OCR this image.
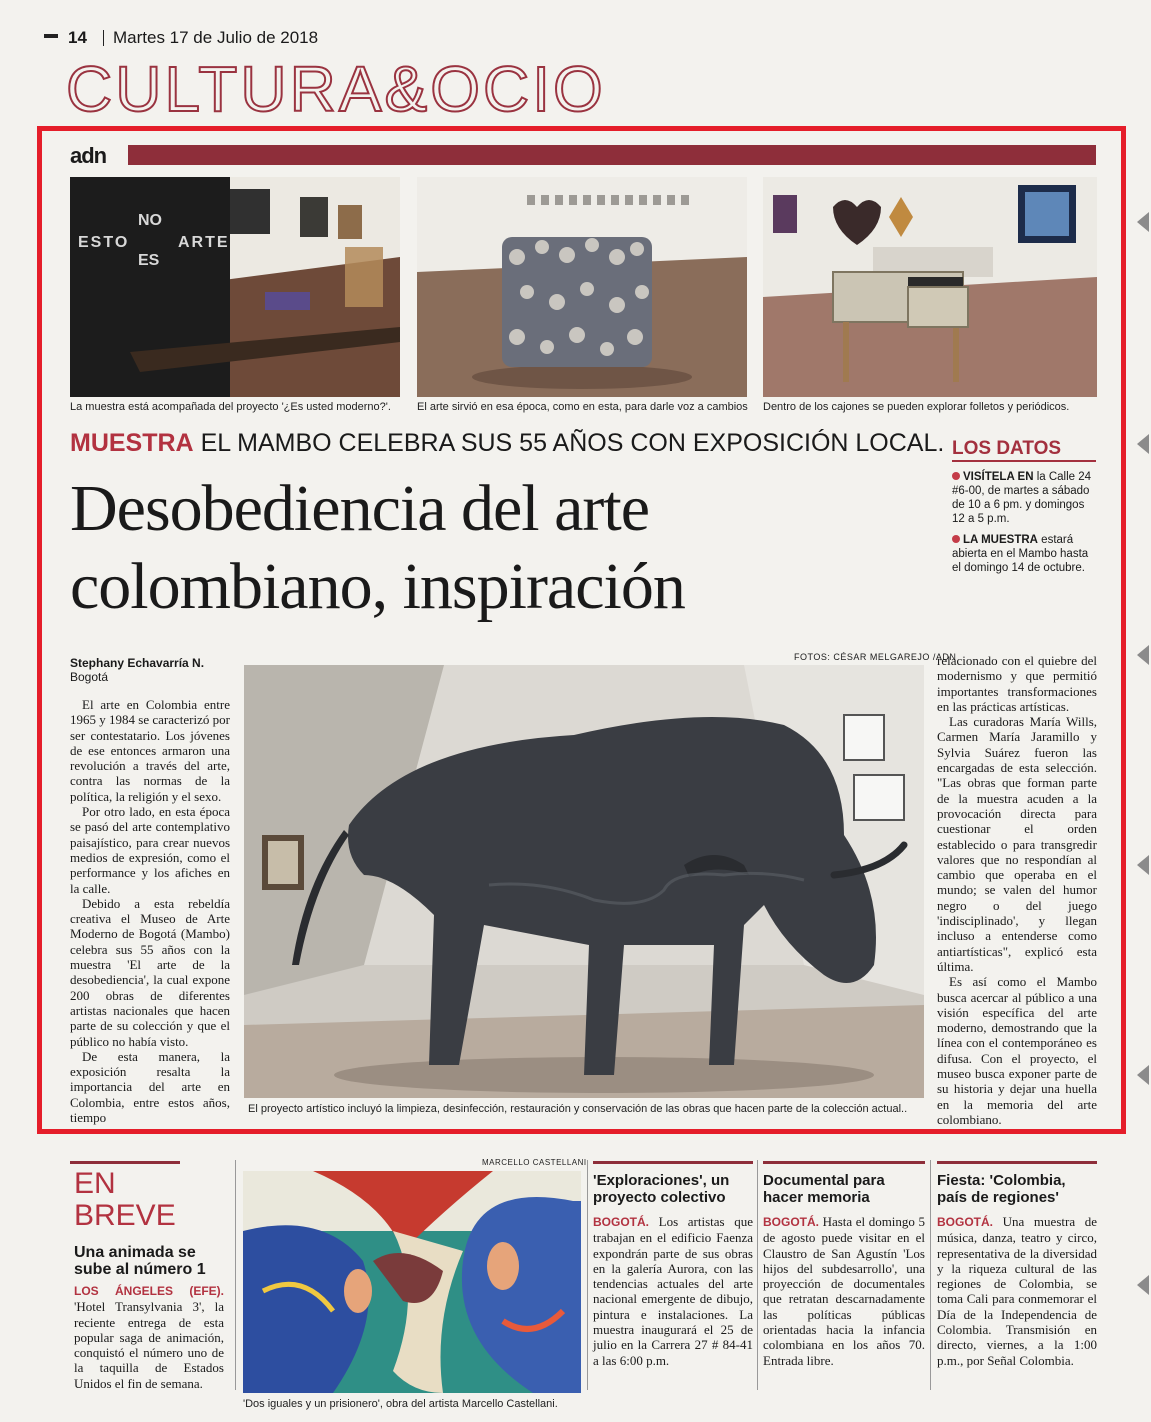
14 Martes 17 de Julio de 2018
CULTURA&OCIO
adn
ESTO
NO
ES
ARTE
La muestra está acompañada del proyecto '¿Es usted moderno?'. El arte sirvió en esa época, como en esta, para darle voz a cambios Dentro de los cajones se pueden explorar folletos y periódicos.
MUESTRA EL MAMBO CELEBRA SUS 55 AÑOS CON EXPOSICIÓN LOCAL.
Desobediencia del arte
colombiano, inspiración
LOS DATOS
VISÍTELA EN la Calle 24 #6-00, de martes a sábado de 10 a 6 pm. y domingos 12 a 5 p.m.
LA MUESTRA estará abierta en el Mambo hasta el domingo 14 de octubre.
Stephany Echavarría N.
Bogotá

El arte en Colombia entre 1965 y 1984 se caracterizó por ser contestatario. Los jóvenes de ese entonces armaron una revolución a través del arte, contra las normas de la política, la religión y el sexo.

Por otro lado, en esta época se pasó del arte contemplativo paisajístico, para crear nuevos medios de expresión, como el performance y los afiches en la calle.

Debido a esta rebeldía creativa el Museo de Arte Moderno de Bogotá (Mambo) celebra sus 55 años con la muestra 'El arte de la desobediencia', la cual expone 200 obras de diferentes artistas nacionales que hacen parte de su colección y que el público no había visto.

De esta manera, la exposición resalta la importancia del arte en Colombia, entre estos años, tiempo

FOTOS: CÉSAR MELGAREJO /ADN
El proyecto artístico incluyó la limpieza, desinfección, restauración y conservación de las obras que hacen parte de la colección actual..

relacionado con el quiebre del modernismo y que permitió importantes transformaciones en las prácticas artísticas.

Las curadoras María Wills, Carmen María Jaramillo y Sylvia Suárez fueron las encargadas de esta selección. "Las obras que forman parte de la muestra acuden a la provocación directa para cuestionar el orden establecido o para transgredir valores que no respondían al cambio que operaba en el mundo; se valen del humor negro o del juego 'indisciplinado', y llegan incluso a entenderse como antiartísticas", explicó esta última.

Es así como el Mambo busca acercar al público a una visión específica del arte moderno, demostrando que la línea con el contemporáneo es difusa. Con el proyecto, el museo busca exponer parte de su historia y dejar una huella en la memoria del arte colombiano.

EN
BREVE
Una animada se sube al número 1
LOS ÁNGELES (EFE). 'Hotel Transylvania 3', la reciente entrega de esta popular saga de animación, conquistó el número uno de la taquilla de Estados Unidos el fin de semana.
MARCELLO CASTELLANI
'Dos iguales y un prisionero', obra del artista Marcello Castellani.
'Exploraciones', un proyecto colectivo
BOGOTÁ. Los artistas que trabajan en el edificio Faenza expondrán parte de sus obras en la galería Aurora, con las tendencias actuales del arte nacional emergente de dibujo, pintura e instalaciones. La muestra inaugurará el 25 de julio en la Carrera 27 # 84-41 a las 6:00 p.m.
Documental para hacer memoria
BOGOTÁ. Hasta el domingo 5 de agosto puede visitar en el Claustro de San Agustín 'Los hijos del subdesarrollo', una proyección de documentales que retratan descarnadamente las políticas públicas orientadas hacia la infancia colombiana en los años 70. Entrada libre.
Fiesta: 'Colombia, país de regiones'
BOGOTÁ. Una muestra de música, danza, teatro y circo, representativa de la diversidad y la riqueza cultural de las regiones de Colombia, se toma Cali para conmemorar el Día de la Independencia de Colombia. Transmisión en directo, viernes, a la 1:00 p.m., por Señal Colombia.
